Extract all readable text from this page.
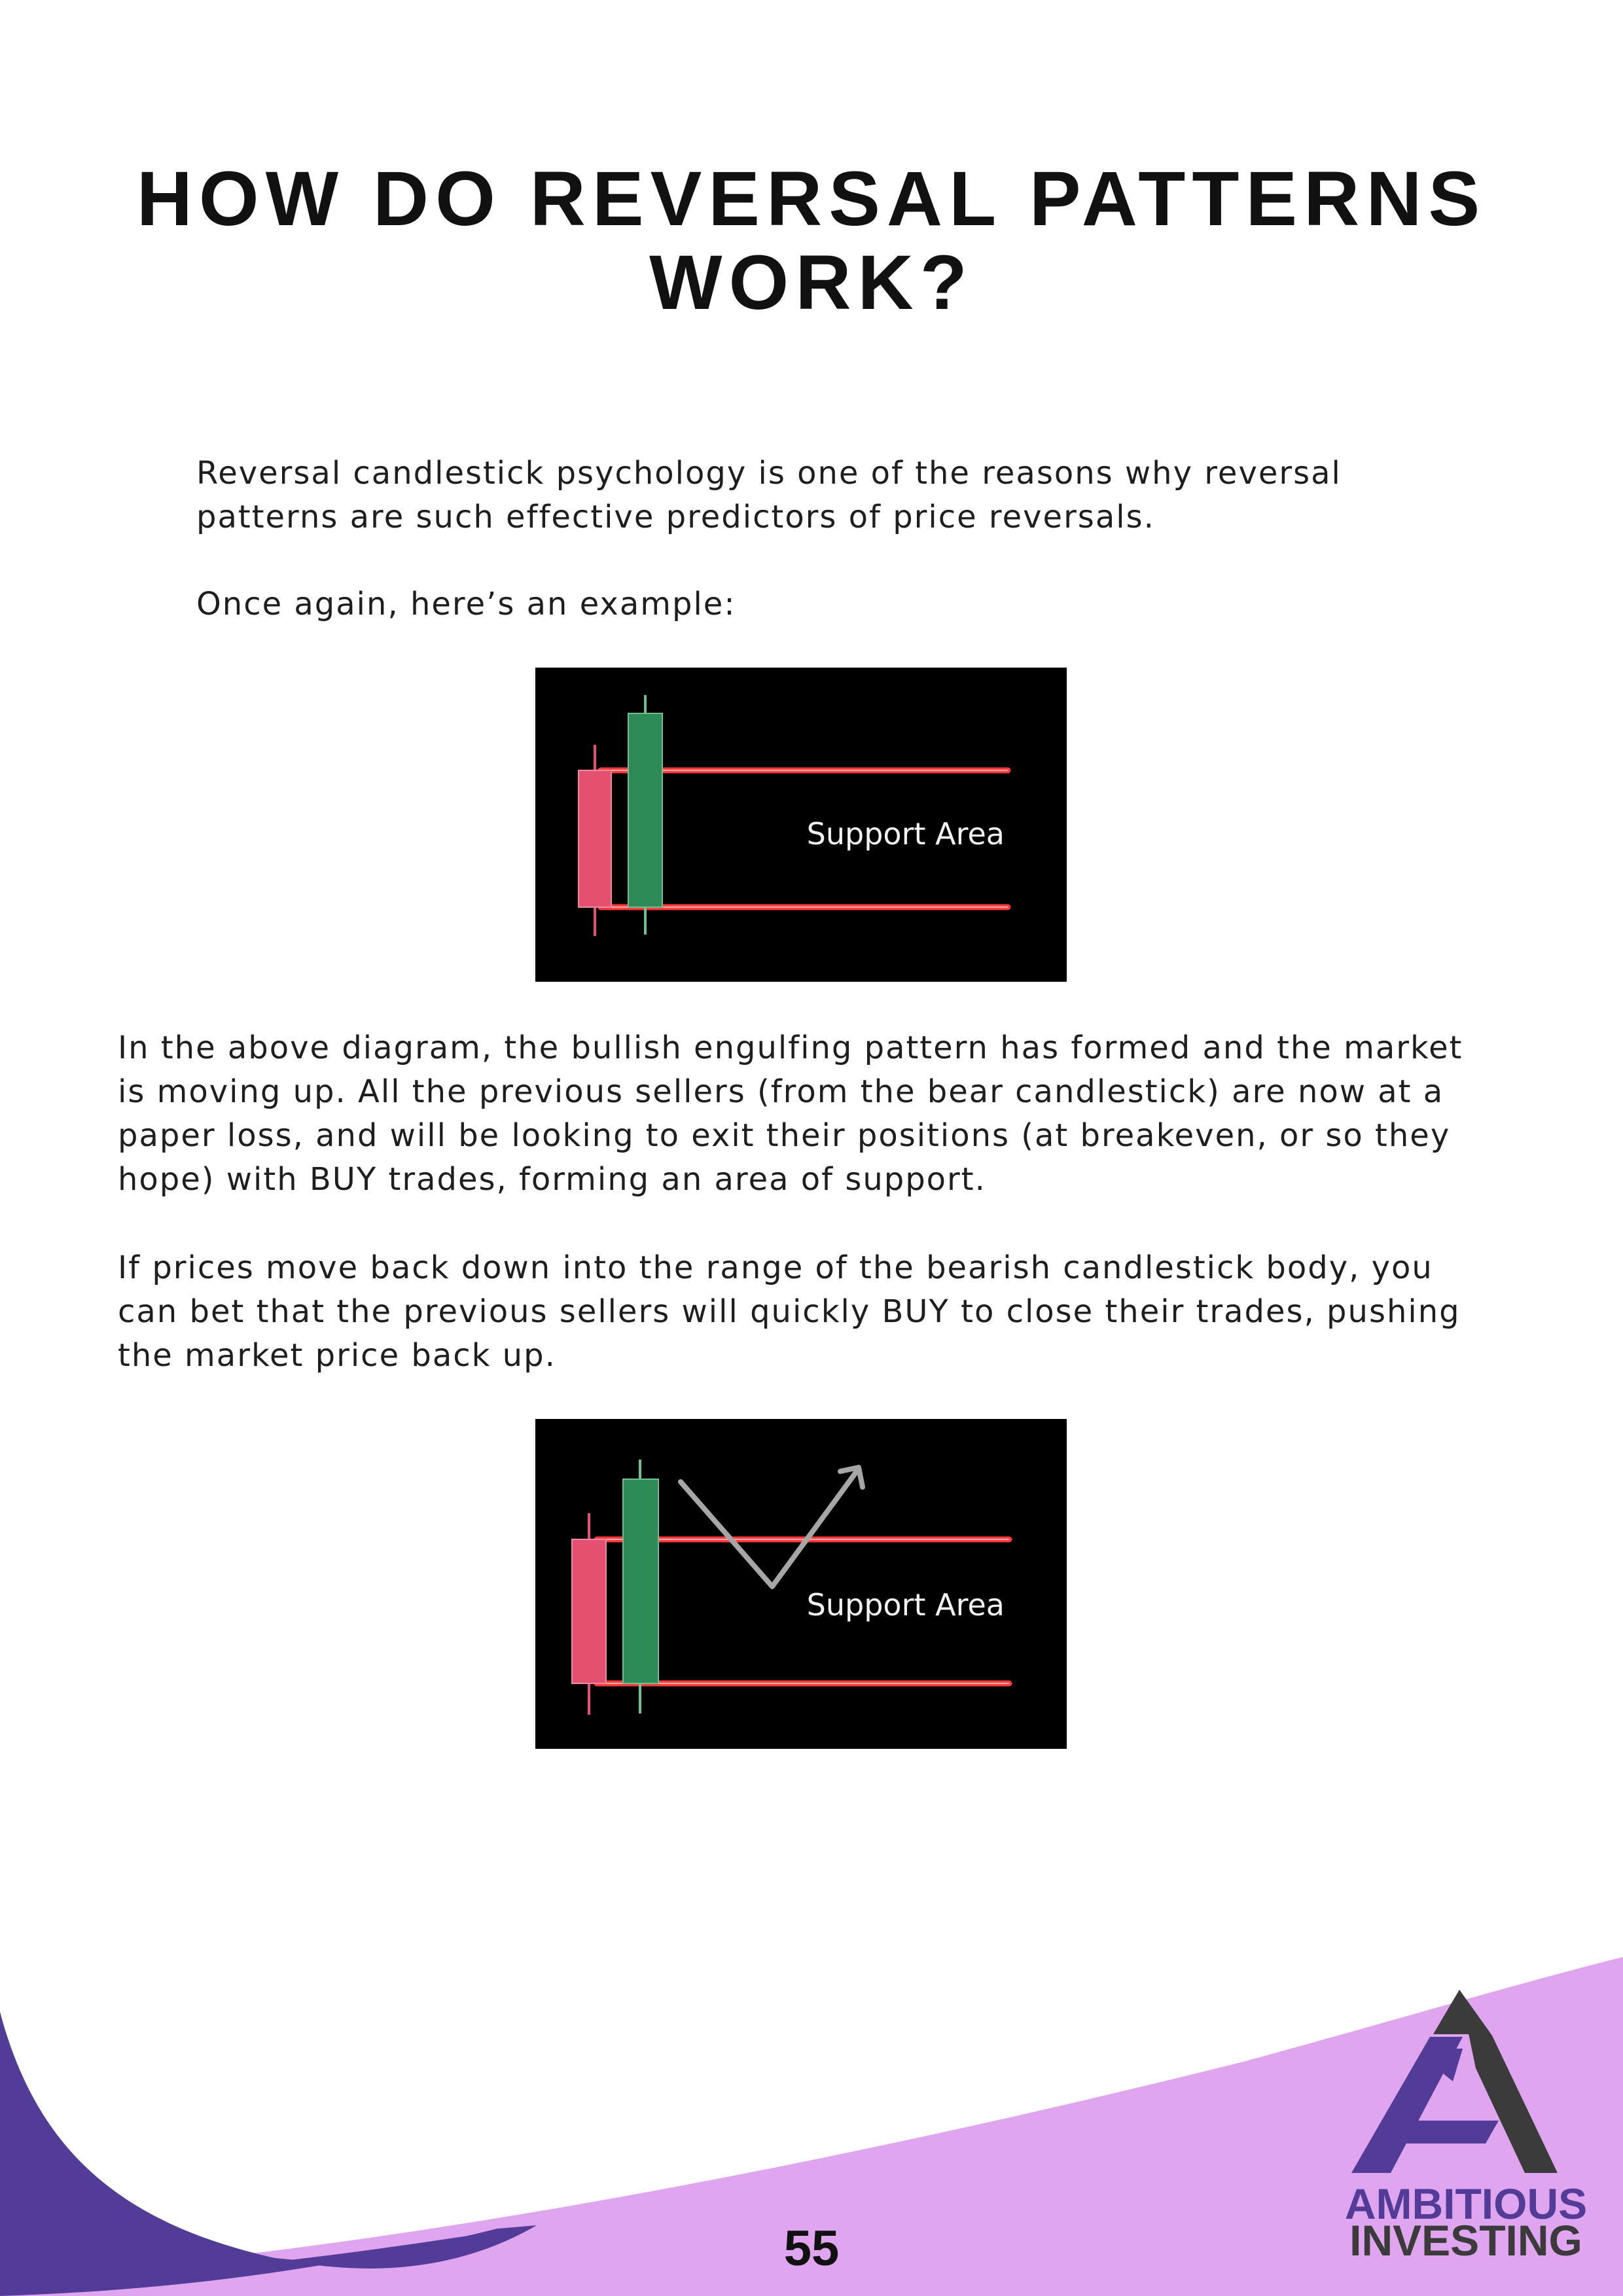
HOW DO REVERSAL PATTERNS
WORK?
Reversal candlestick psychology is one of the reasons why reversal
patterns are such effective predictors of price reversals.
Once again, here’s an example:
Support Area
In the above diagram, the bullish engulfing pattern has formed and the market
is moving up. All the previous sellers (from the bear candlestick) are now at a
paper loss, and will be looking to exit their positions (at breakeven, or so they
hope) with BUY trades, forming an area of support.
If prices move back down into the range of the bearish candlestick body, you
can bet that the previous sellers will quickly BUY to close their trades, pushing
the market price back up.
Support Area
AMBITIOUS
INVESTING
55
